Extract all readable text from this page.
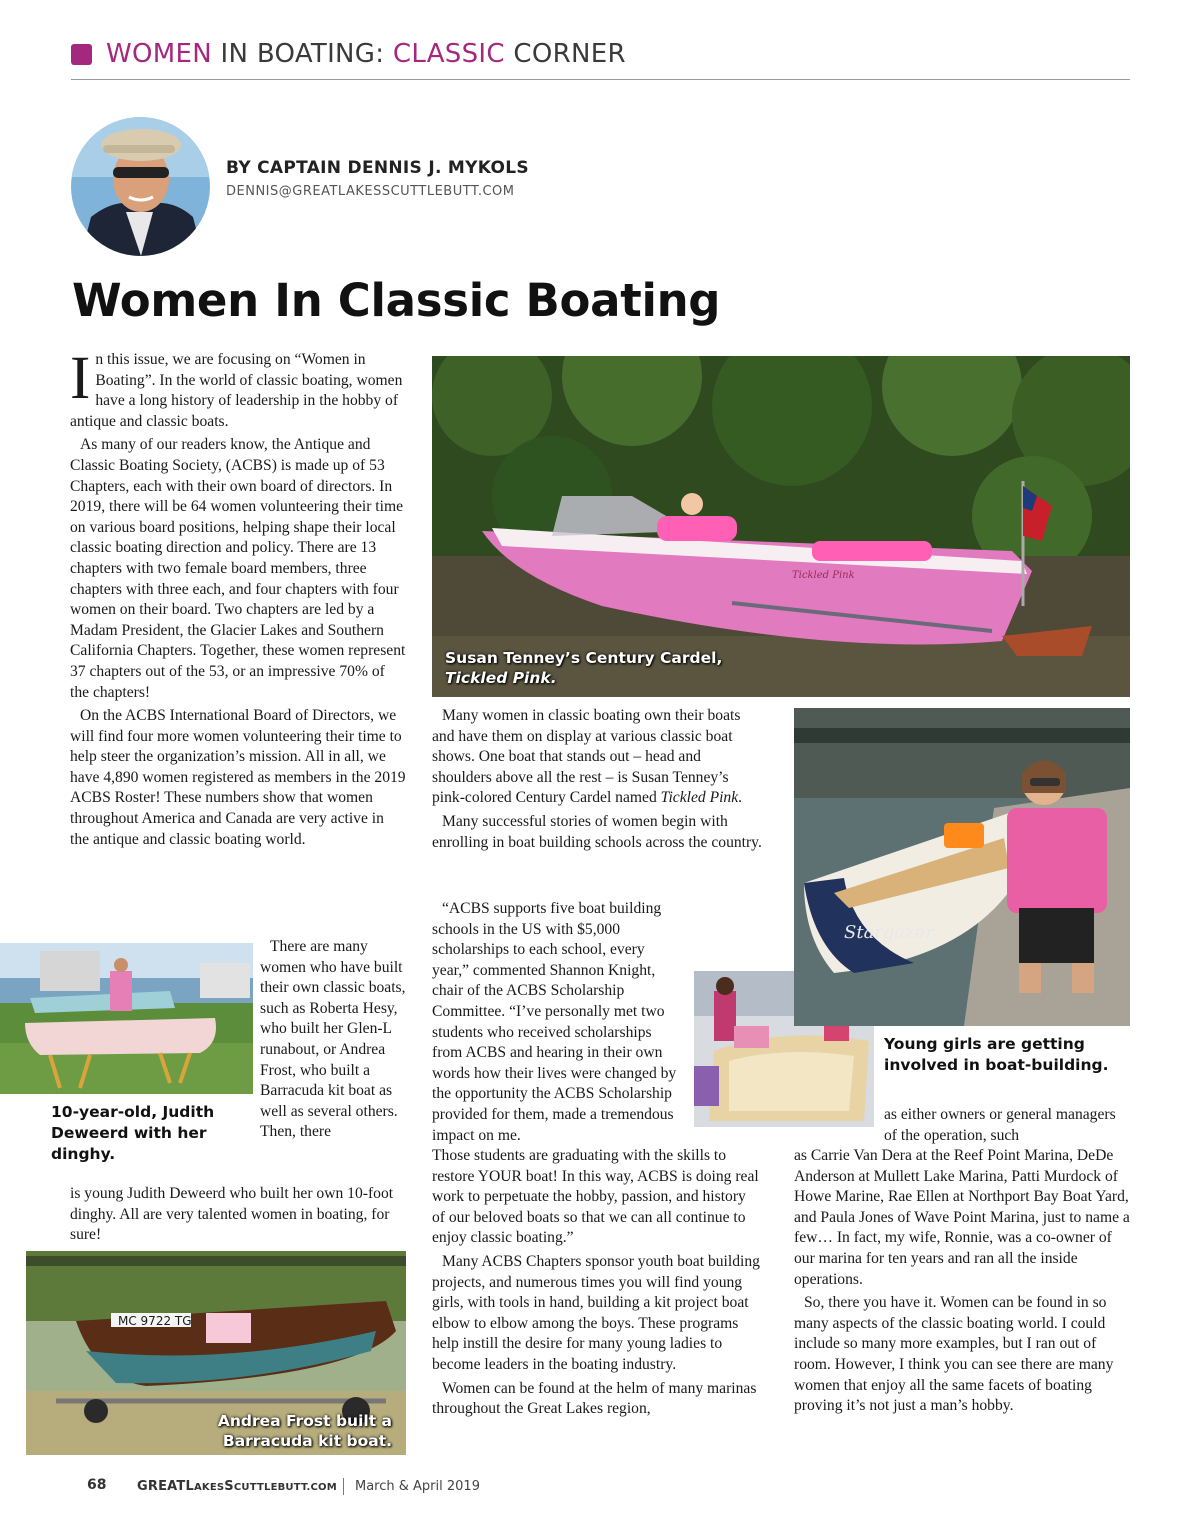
WOMEN IN BOATING: CLASSIC CORNER
BY CAPTAIN DENNIS J. MYKOLS
DENNIS@GREATLAKESSCUTTLEBUTT.COM
Women In Classic Boating

In this issue, we are focusing on “Women in Boating”. In the world of classic boating, women have a long history of leadership in the hobby of antique and classic boats.

As many of our readers know, the Antique and Classic Boating Society, (ACBS) is made up of 53 Chapters, each with their own board of directors. In 2019, there will be 64 women volunteering their time on various board positions, helping shape their local classic boating direction and policy. There are 13 chapters with two female board members, three chapters with three each, and four chapters with four women on their board. Two chapters are led by a Madam President, the Glacier Lakes and Southern California Chapters. Together, these women represent 37 chapters out of the 53, or an impressive 70% of the chapters!

On the ACBS International Board of Directors, we will find four more women volunteering their time to help steer the organization’s mission. All in all, we have 4,890 women registered as members in the 2019 ACBS Roster! These numbers show that women throughout America and Canada are very active in the antique and classic boating world.

There are many women who have built their own classic boats, such as Roberta Hesy, who built her Glen-L runabout, or Andrea Frost, who built a Barracuda kit boat as well as several others. Then, there

10-year-old, Judith Deweerd with her dinghy.

is young Judith Deweerd who built her own 10-foot dinghy. All are very talented women in boating, for sure!

MC 9722 TG
Andrea Frost built a Barracuda kit boat.
Tickled Pink
Susan Tenney’s Century Cardel,
Tickled Pink.

Many women in classic boating own their boats and have them on display at various classic boat shows. One boat that stands out – head and shoulders above all the rest – is Susan Tenney’s pink-colored Century Cardel named Tickled Pink.

Many successful stories of women begin with enrolling in boat building schools across the country.

“ACBS supports five boat building schools in the US with $5,000 scholarships to each school, every year,” commented Shannon Knight, chair of the ACBS Scholarship Committee. “I’ve personally met two students who received scholarships from ACBS and hearing in their own words how their lives were changed by the opportunity the ACBS Scholarship provided for them, made a tremendous impact on me.

Those students are graduating with the skills to restore YOUR boat! In this way, ACBS is doing real work to perpetuate the hobby, passion, and history of our beloved boats so that we can all continue to enjoy classic boating.”

Many ACBS Chapters sponsor youth boat building projects, and numerous times you will find young girls, with tools in hand, building a kit project boat elbow to elbow among the boys. These programs help instill the desire for many young ladies to become leaders in the boating industry.

Women can be found at the helm of many marinas throughout the Great Lakes region,

Stargazer
Young girls are getting involved in boat-building.

as either owners or general managers of the operation, such

as Carrie Van Dera at the Reef Point Marina, DeDe Anderson at Mullett Lake Marina, Patti Murdock of Howe Marine, Rae Ellen at Northport Bay Boat Yard, and Paula Jones of Wave Point Marina, just to name a few… In fact, my wife, Ronnie, was a co-owner of our marina for ten years and ran all the inside operations.

So, there you have it. Women can be found in so many aspects of the classic boating world. I could include so many more examples, but I ran out of room. However, I think you can see there are many women that enjoy all the same facets of boating proving it’s not just a man’s hobby.

68 GREATLAKESSCUTTLEBUTT.COM March & April 2019
